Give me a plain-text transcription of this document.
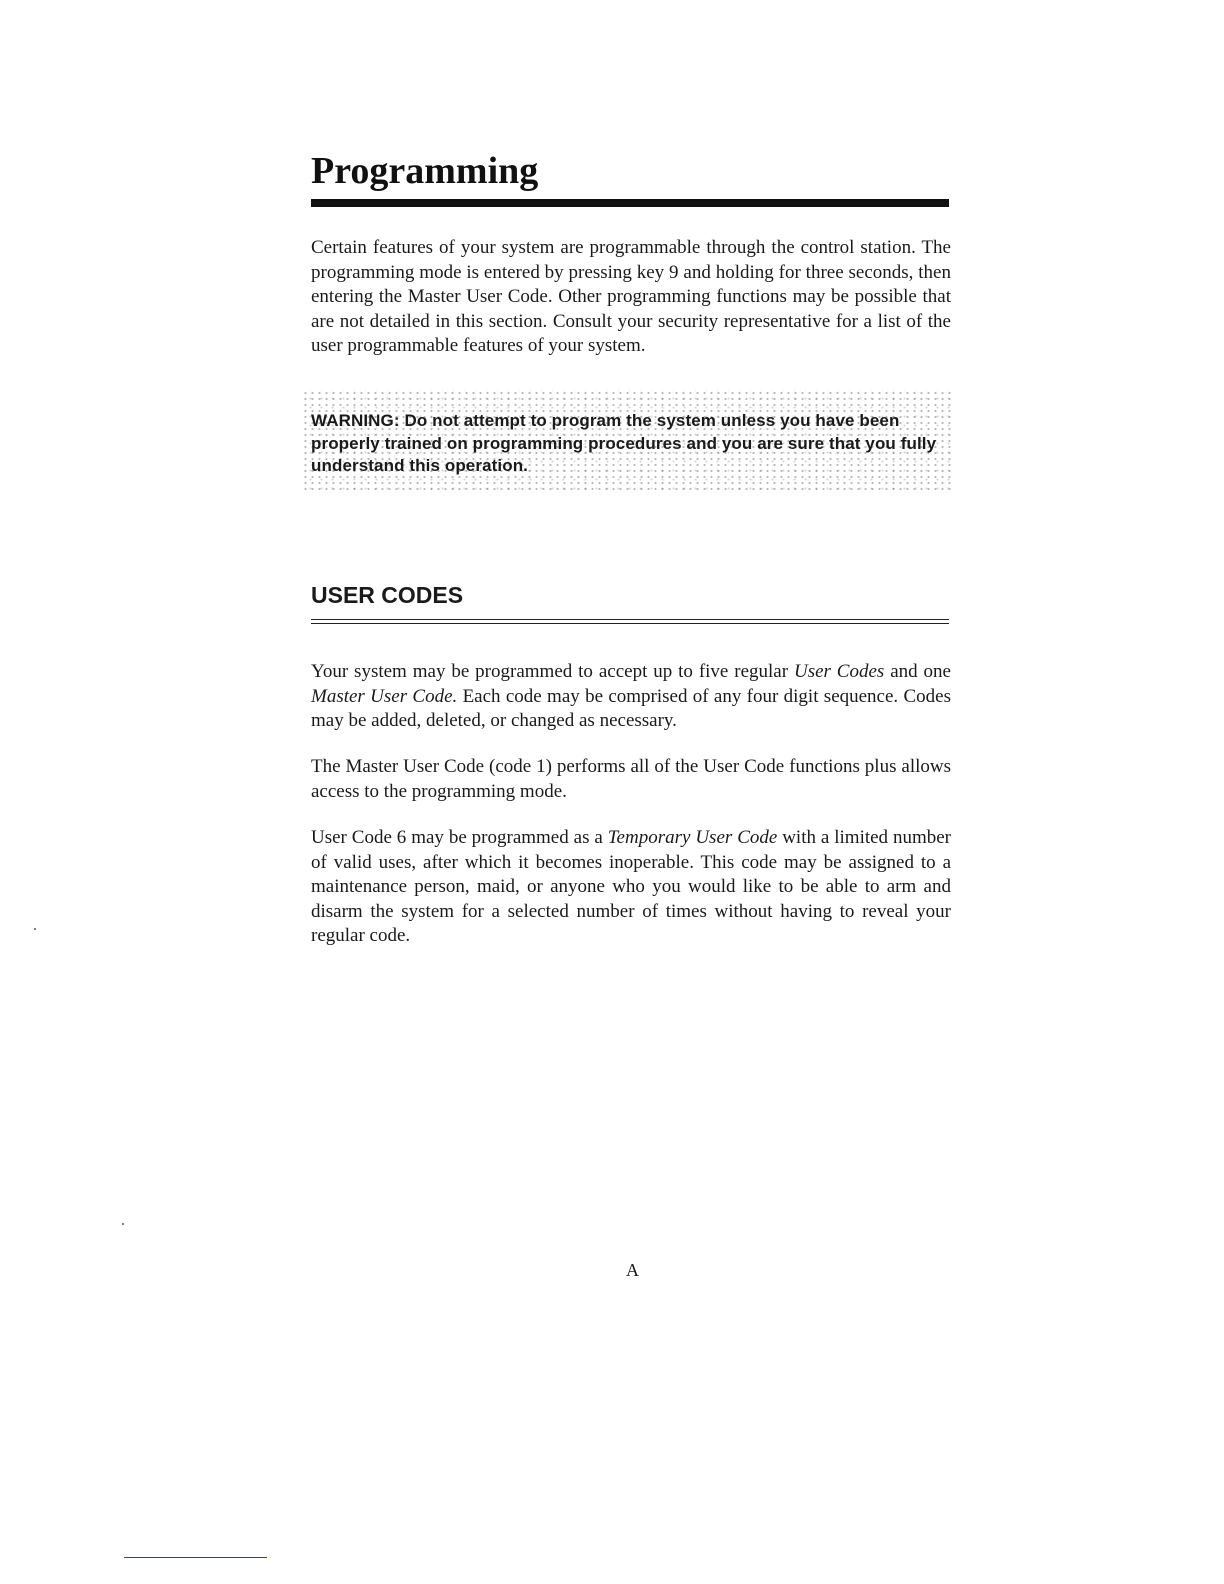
Programming

Certain features of your system are programmable through the control station. The programming mode is entered by pressing key 9 and holding for three seconds, then entering the Master User Code. Other programming functions may be possible that are not detailed in this section. Consult your security representative for a list of the user programmable features of your system.

WARNING: Do not attempt to program the system unless you have been properly trained on programming procedures and you are sure that you fully understand this operation.

USER CODES

Your system may be programmed to accept up to five regular User Codes and one Master User Code. Each code may be comprised of any four digit sequence. Codes may be added, deleted, or changed as necessary.

The Master User Code (code 1) performs all of the User Code functions plus allows access to the programming mode.

User Code 6 may be programmed as a Temporary User Code with a limited number of valid uses, after which it becomes inoperable. This code may be assigned to a maintenance person, maid, or anyone who you would like to be able to arm and disarm the system for a selected number of times without having to reveal your regular code.

A
